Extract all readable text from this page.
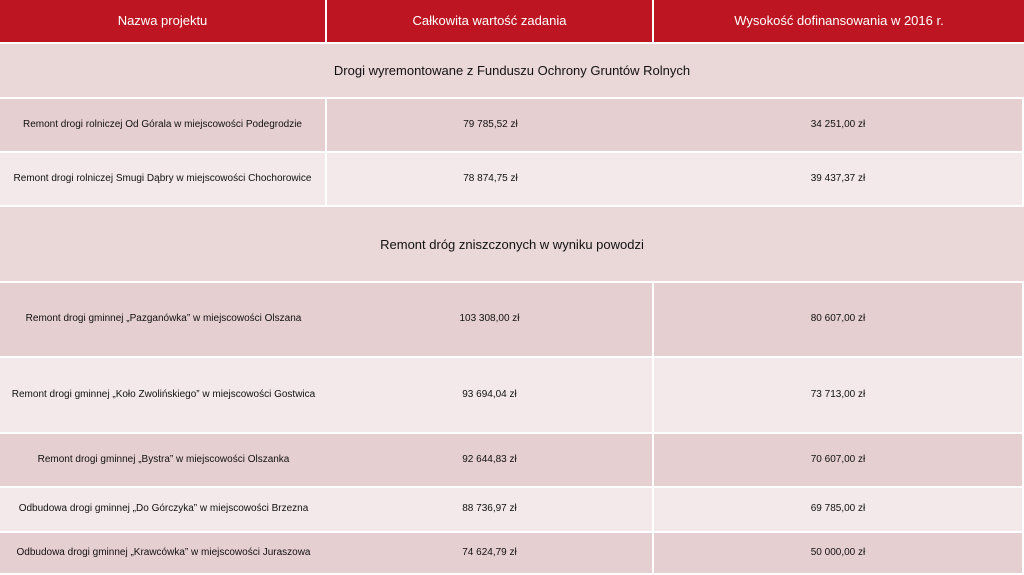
Nazwa projektu	Całkowita wartość zadania	Wysokość dofinansowania w 2016 r.
Drogi wyremontowane z Funduszu Ochrony Gruntów Rolnych
Remont drogi rolniczej Od Górala w miejscowości Podegrodzie	79 785,52 zł	34 251,00 zł
Remont drogi rolniczej Smugi Dąbry w miejscowości Chochorowice	78 874,75 zł	39 437,37 zł
Remont dróg zniszczonych w wyniku powodzi
Remont drogi gminnej „Pazganówka” w miejscowości Olszana	103 308,00 zł	80 607,00 zł
Remont drogi gminnej „Koło Zwolińskiego” w miejscowości Gostwica	93 694,04 zł	73 713,00 zł
Remont drogi gminnej „Bystra” w miejscowości Olszanka	92 644,83 zł	70 607,00 zł
Odbudowa drogi gminnej „Do Górczyka” w miejscowości Brzezna	88 736,97 zł	69 785,00 zł
Odbudowa drogi gminnej „Krawcówka” w miejscowości Juraszowa	74 624,79 zł	50 000,00 zł
